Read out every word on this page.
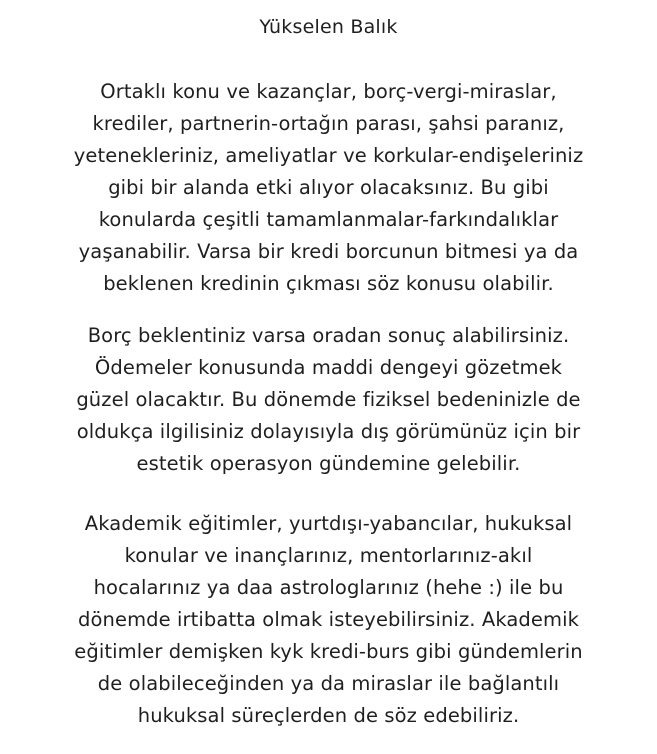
Yükselen Balık
Ortaklı konu ve kazançlar, borç-vergi-miraslar,
krediler, partnerin-ortağın parası, şahsi paranız,
yetenekleriniz, ameliyatlar ve korkular-endişeleriniz
gibi bir alanda etki alıyor olacaksınız. Bu gibi
konularda çeşitli tamamlanmalar-farkındalıklar
yaşanabilir. Varsa bir kredi borcunun bitmesi ya da
beklenen kredinin çıkması söz konusu olabilir.
Borç beklentiniz varsa oradan sonuç alabilirsiniz.
Ödemeler konusunda maddi dengeyi gözetmek
güzel olacaktır. Bu dönemde fiziksel bedeninizle de
oldukça ilgilisiniz dolayısıyla dış görümünüz için bir
estetik operasyon gündemine gelebilir.
Akademik eğitimler, yurtdışı-yabancılar, hukuksal
konular ve inançlarınız, mentorlarınız-akıl
hocalarınız ya daa astrologlarınız (hehe :) ile bu
dönemde irtibatta olmak isteyebilirsiniz. Akademik
eğitimler demişken kyk kredi-burs gibi gündemlerin
de olabileceğinden ya da miraslar ile bağlantılı
hukuksal süreçlerden de söz edebiliriz.
